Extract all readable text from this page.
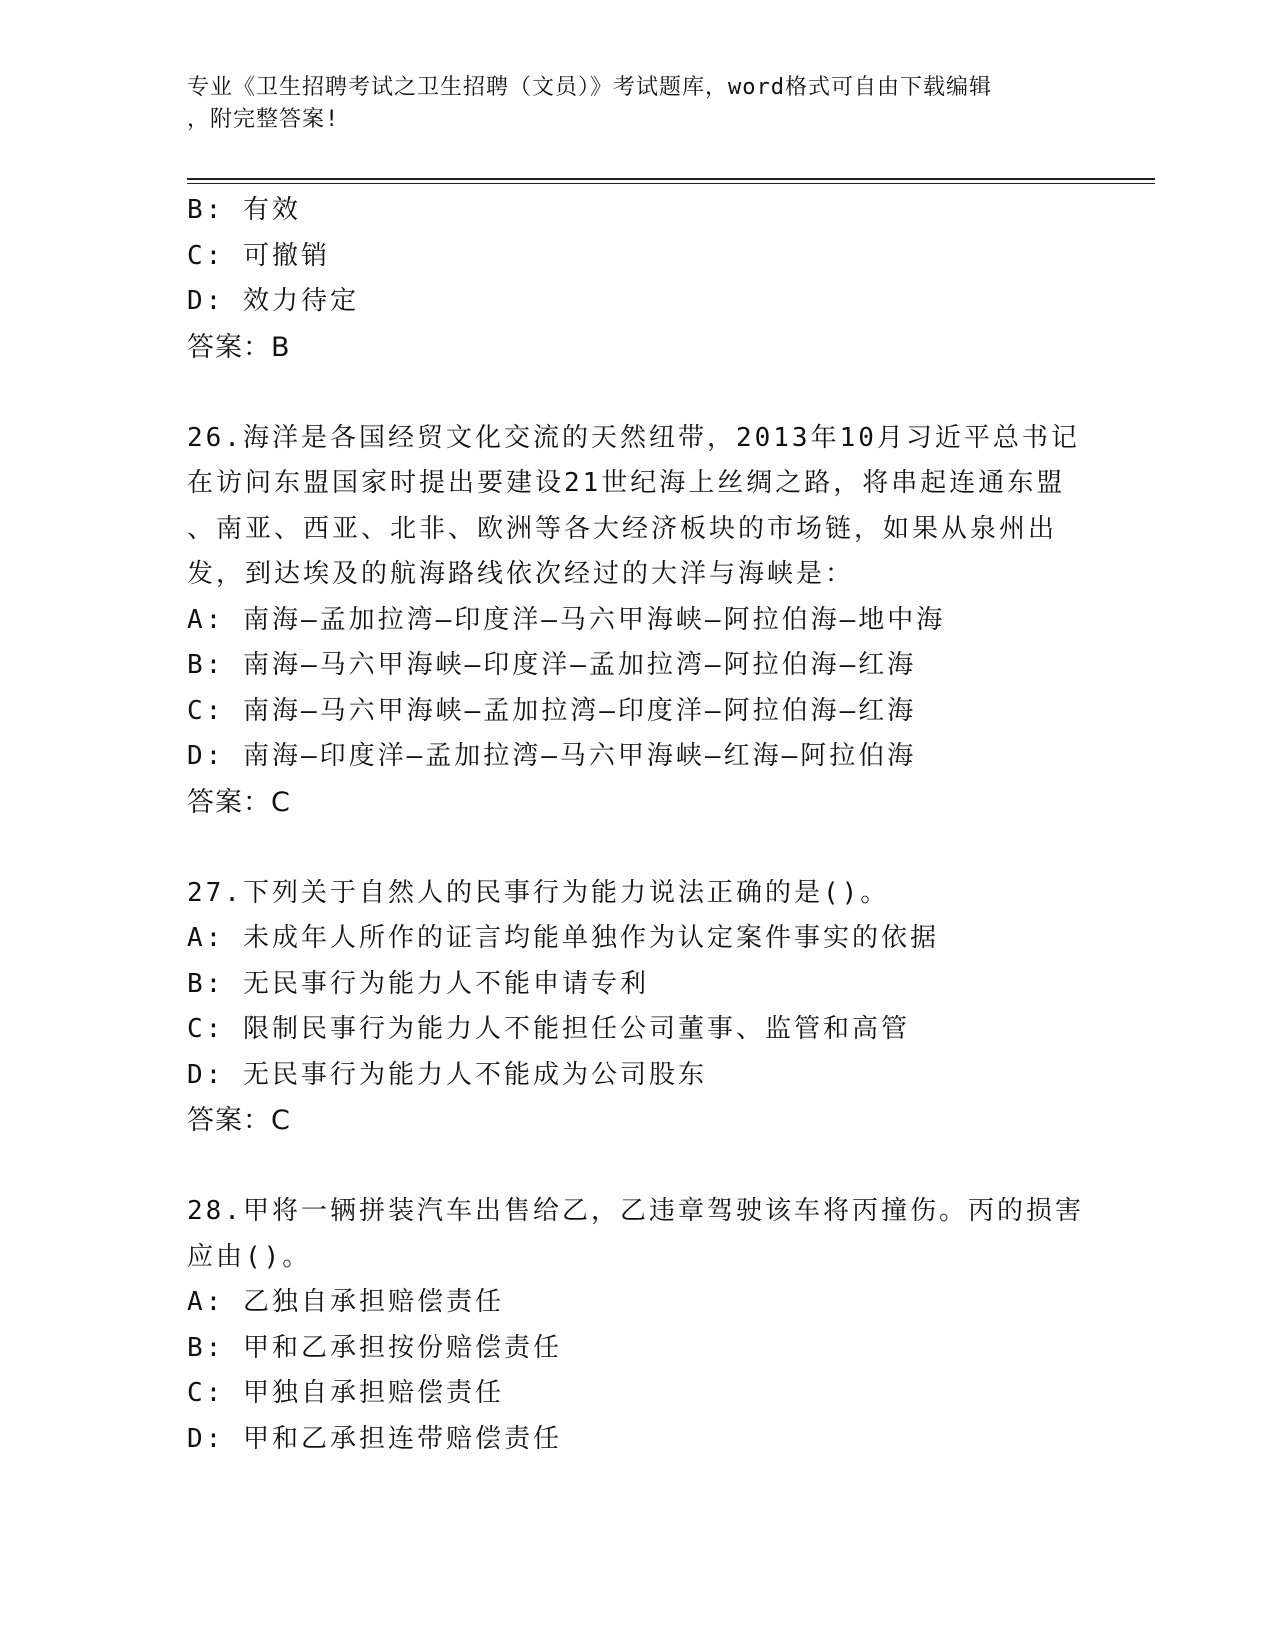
专业《卫生招聘考试之卫生招聘（文员）》考试题库，word格式可自由下载编辑
，附完整答案!
B: 有效
C: 可撤销
D: 效力待定
答案：B
26.海洋是各国经贸文化交流的天然纽带，2013年10月习近平总书记
在访问东盟国家时提出要建设21世纪海上丝绸之路，将串起连通东盟
、南亚、西亚、北非、欧洲等各大经济板块的市场链，如果从泉州出
发，到达埃及的航海路线依次经过的大洋与海峡是：
A: 南海—孟加拉湾—印度洋—马六甲海峡—阿拉伯海—地中海
B: 南海—马六甲海峡—印度洋—孟加拉湾—阿拉伯海—红海
C: 南海—马六甲海峡—孟加拉湾—印度洋—阿拉伯海—红海
D: 南海—印度洋—孟加拉湾—马六甲海峡—红海—阿拉伯海
答案：C
27.下列关于自然人的民事行为能力说法正确的是()。
A: 未成年人所作的证言均能单独作为认定案件事实的依据
B: 无民事行为能力人不能申请专利
C: 限制民事行为能力人不能担任公司董事、监管和高管
D: 无民事行为能力人不能成为公司股东
答案：C
28.甲将一辆拼装汽车出售给乙，乙违章驾驶该车将丙撞伤。丙的损害
应由()。
A: 乙独自承担赔偿责任
B: 甲和乙承担按份赔偿责任
C: 甲独自承担赔偿责任
D: 甲和乙承担连带赔偿责任
